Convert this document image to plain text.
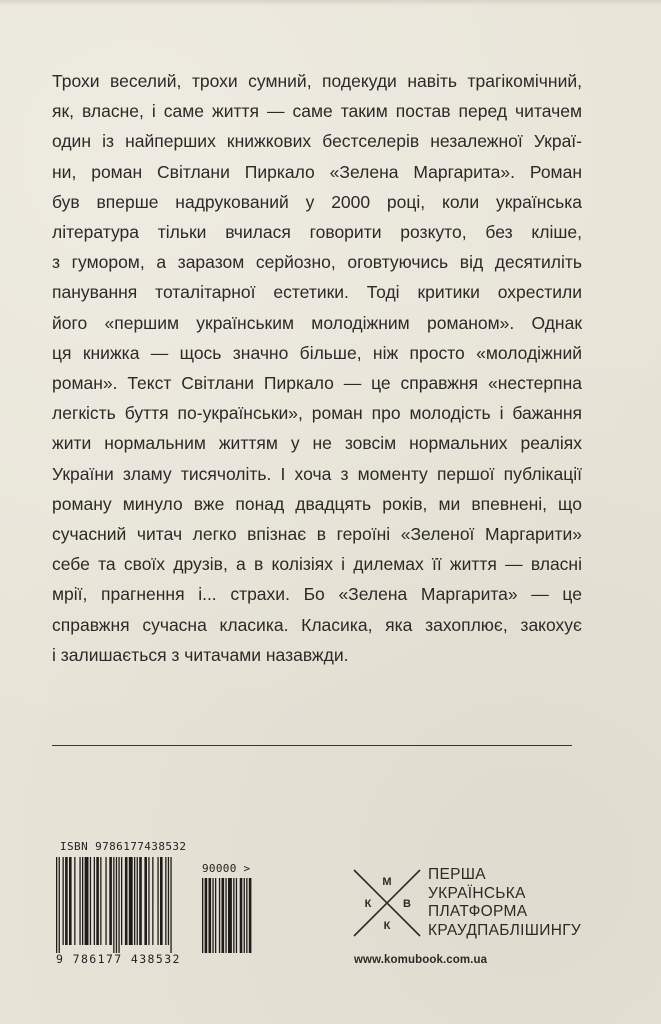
Трохи веселий, трохи сумний, подекуди навіть трагікомічний,
як, власне, і саме життя — саме таким постав перед читачем
один із найперших книжкових бестселерів незалежної Украї-
ни, роман Світлани Пиркало «Зелена Маргарита». Роман
був вперше надрукований у 2000 році, коли українська
література тільки вчилася говорити розкуто, без кліше,
з гумором, а заразом серйозно, оговтуючись від десятиліть
панування тоталітарної естетики. Тоді критики охрестили
його «першим українським молодіжним романом». Однак
ця книжка — щось значно більше, ніж просто «молодіжний
роман». Текст Світлани Пиркало — це справжня «нестерпна
легкість буття по-українськи», роман про молодість і бажання
жити нормальним життям у не зовсім нормальних реаліях
України зламу тисячоліть. І хоча з моменту першої публікації
роману минуло вже понад двадцять років, ми впевнені, що
сучасний читач легко впізнає в героїні «Зеленої Маргарити»
себе та своїх друзів, а в колізіях і дилемах її життя — власні
мрії, прагнення і... страхи. Бо «Зелена Маргарита» — це
справжня сучасна класика. Класика, яка захоплює, закохує
і залишається з читачами назавжди.
ISBN 9786177438532
90000 >
9 786177 438532
М
К	В
К
ПЕРША
УКРАЇНСЬКА
ПЛАТФОРМА
КРАУДПАБЛІШИНГУ
www.komubook.com.ua
